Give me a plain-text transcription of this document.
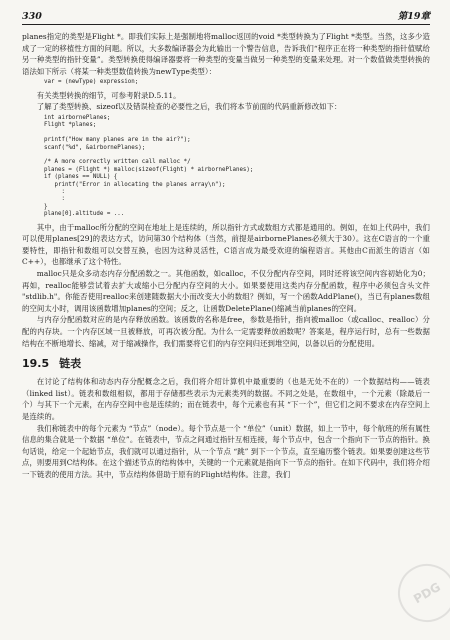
330	第19章

planes指定的类型是Flight *。即我们实际上是强制地将malloc返回的void *类型转换为了Flight *类型。当然，这多少造成了一定的移植性方面的问题。所以，大多数编译器会为此输出一个警告信息，告诉我们“程序正在将一种类型的指针值赋给另一种类型的指针变量”。类型转换使得编译器要将一种类型的变量当做另一种类型的变量来处理。对一个数值做类型转换的语法如下所示（将某一种类型数值转换为newType类型）：

var = (newType) expression;

有关类型转换的细节，可参考附录D.5.11。

了解了类型转换、sizeof以及错误检查的必要性之后，我们将本节前面的代码重新修改如下：

int airbornePlanes;
Flight *planes;

printf("How many planes are in the air?");
scanf("%d", &airbornePlanes);

/* A more correctly written call malloc */
planes = (Flight *) malloc(sizeof(Flight) * airbornePlanes);
if (planes == NULL) {
printf("Error in allocating the planes array\n");
:
:
}
plane[0].altitude = ...

其中，由于malloc所分配的空间在地址上是连续的，所以指针方式或数组方式都是通用的。例如，在如上代码中，我们可以使用planes[29]的表达方式，访问第30个结构体（当然，前提是airbornePlanes必须大于30）。这在C语言的一个重要特性，即指针和数组可以交替互换，也因为这种灵活性，C语言成为最受欢迎的编程语言。其他由C而派生的语言（如C++），也都继承了这个特性。

malloc只是众多动态内存分配函数之一。其他函数，如calloc，不仅分配内存空间，同时还将该空间内容初始化为0；再如，realloc能够尝试着去扩大或缩小已分配内存空间的大小。如果要使用这类内存分配函数，程序中必须包含头文件 "stdlib.h"。你能否使用realloc来创建随数据大小而改变大小的数组？例如，写一个函数AddPlane()，当已有planes数组的空间太小时，调用该函数增加planes的空间；反之，让函数DeletePlane()缩减当前planes的空间。

与内存分配函数对应的是内存释放函数。该函数的名称是free，参数是指针，指向被malloc（或calloc、realloc）分配的内存块。一个内存区域一旦被释放，可再次被分配。为什么一定需要释放函数呢？答案是，程序运行时，总有一些数据结构在不断地增长、缩减，对于缩减操作，我们需要将它们的内存空间归还到堆空间，以备以后的分配使用。

19.5 链表

在讨论了结构体和动态内存分配概念之后，我们将介绍计算机中最重要的（也是无处不在的）一个数据结构——链表（linked list）。链表和数组相似，都用于存储那些表示为元素类列的数据。不同之处是，在数组中，一个元素（除最后一个）与其下一个元素，在内存空间中也是连续的；而在链表中，每个元素也有其 “下一个”，但它们之间不要求在内存空间上是连续的。

我们称链表中的每个元素为 “节点”（node）。每个节点是一个 “单位”（unit）数据，如上一节中，每个航班的所有属性信息的集合就是一个数据 “单位”。在链表中，节点之间通过指针互相连接，每个节点中，包含一个指向下一节点的指针。换句话说，给定一个起始节点，我们就可以通过指针，从一个节点 “跳” 到下一个节点，直至遍历整个链表。如果要创建这些节点，则要用到C结构体。在这个描述节点的结构体中，关键的一个元素就是指向下一节点的指针。在如下代码中，我们将介绍一下链表的使用方法。其中，节点结构体借助于原有的Flight结构体。注意，我们

PDG
